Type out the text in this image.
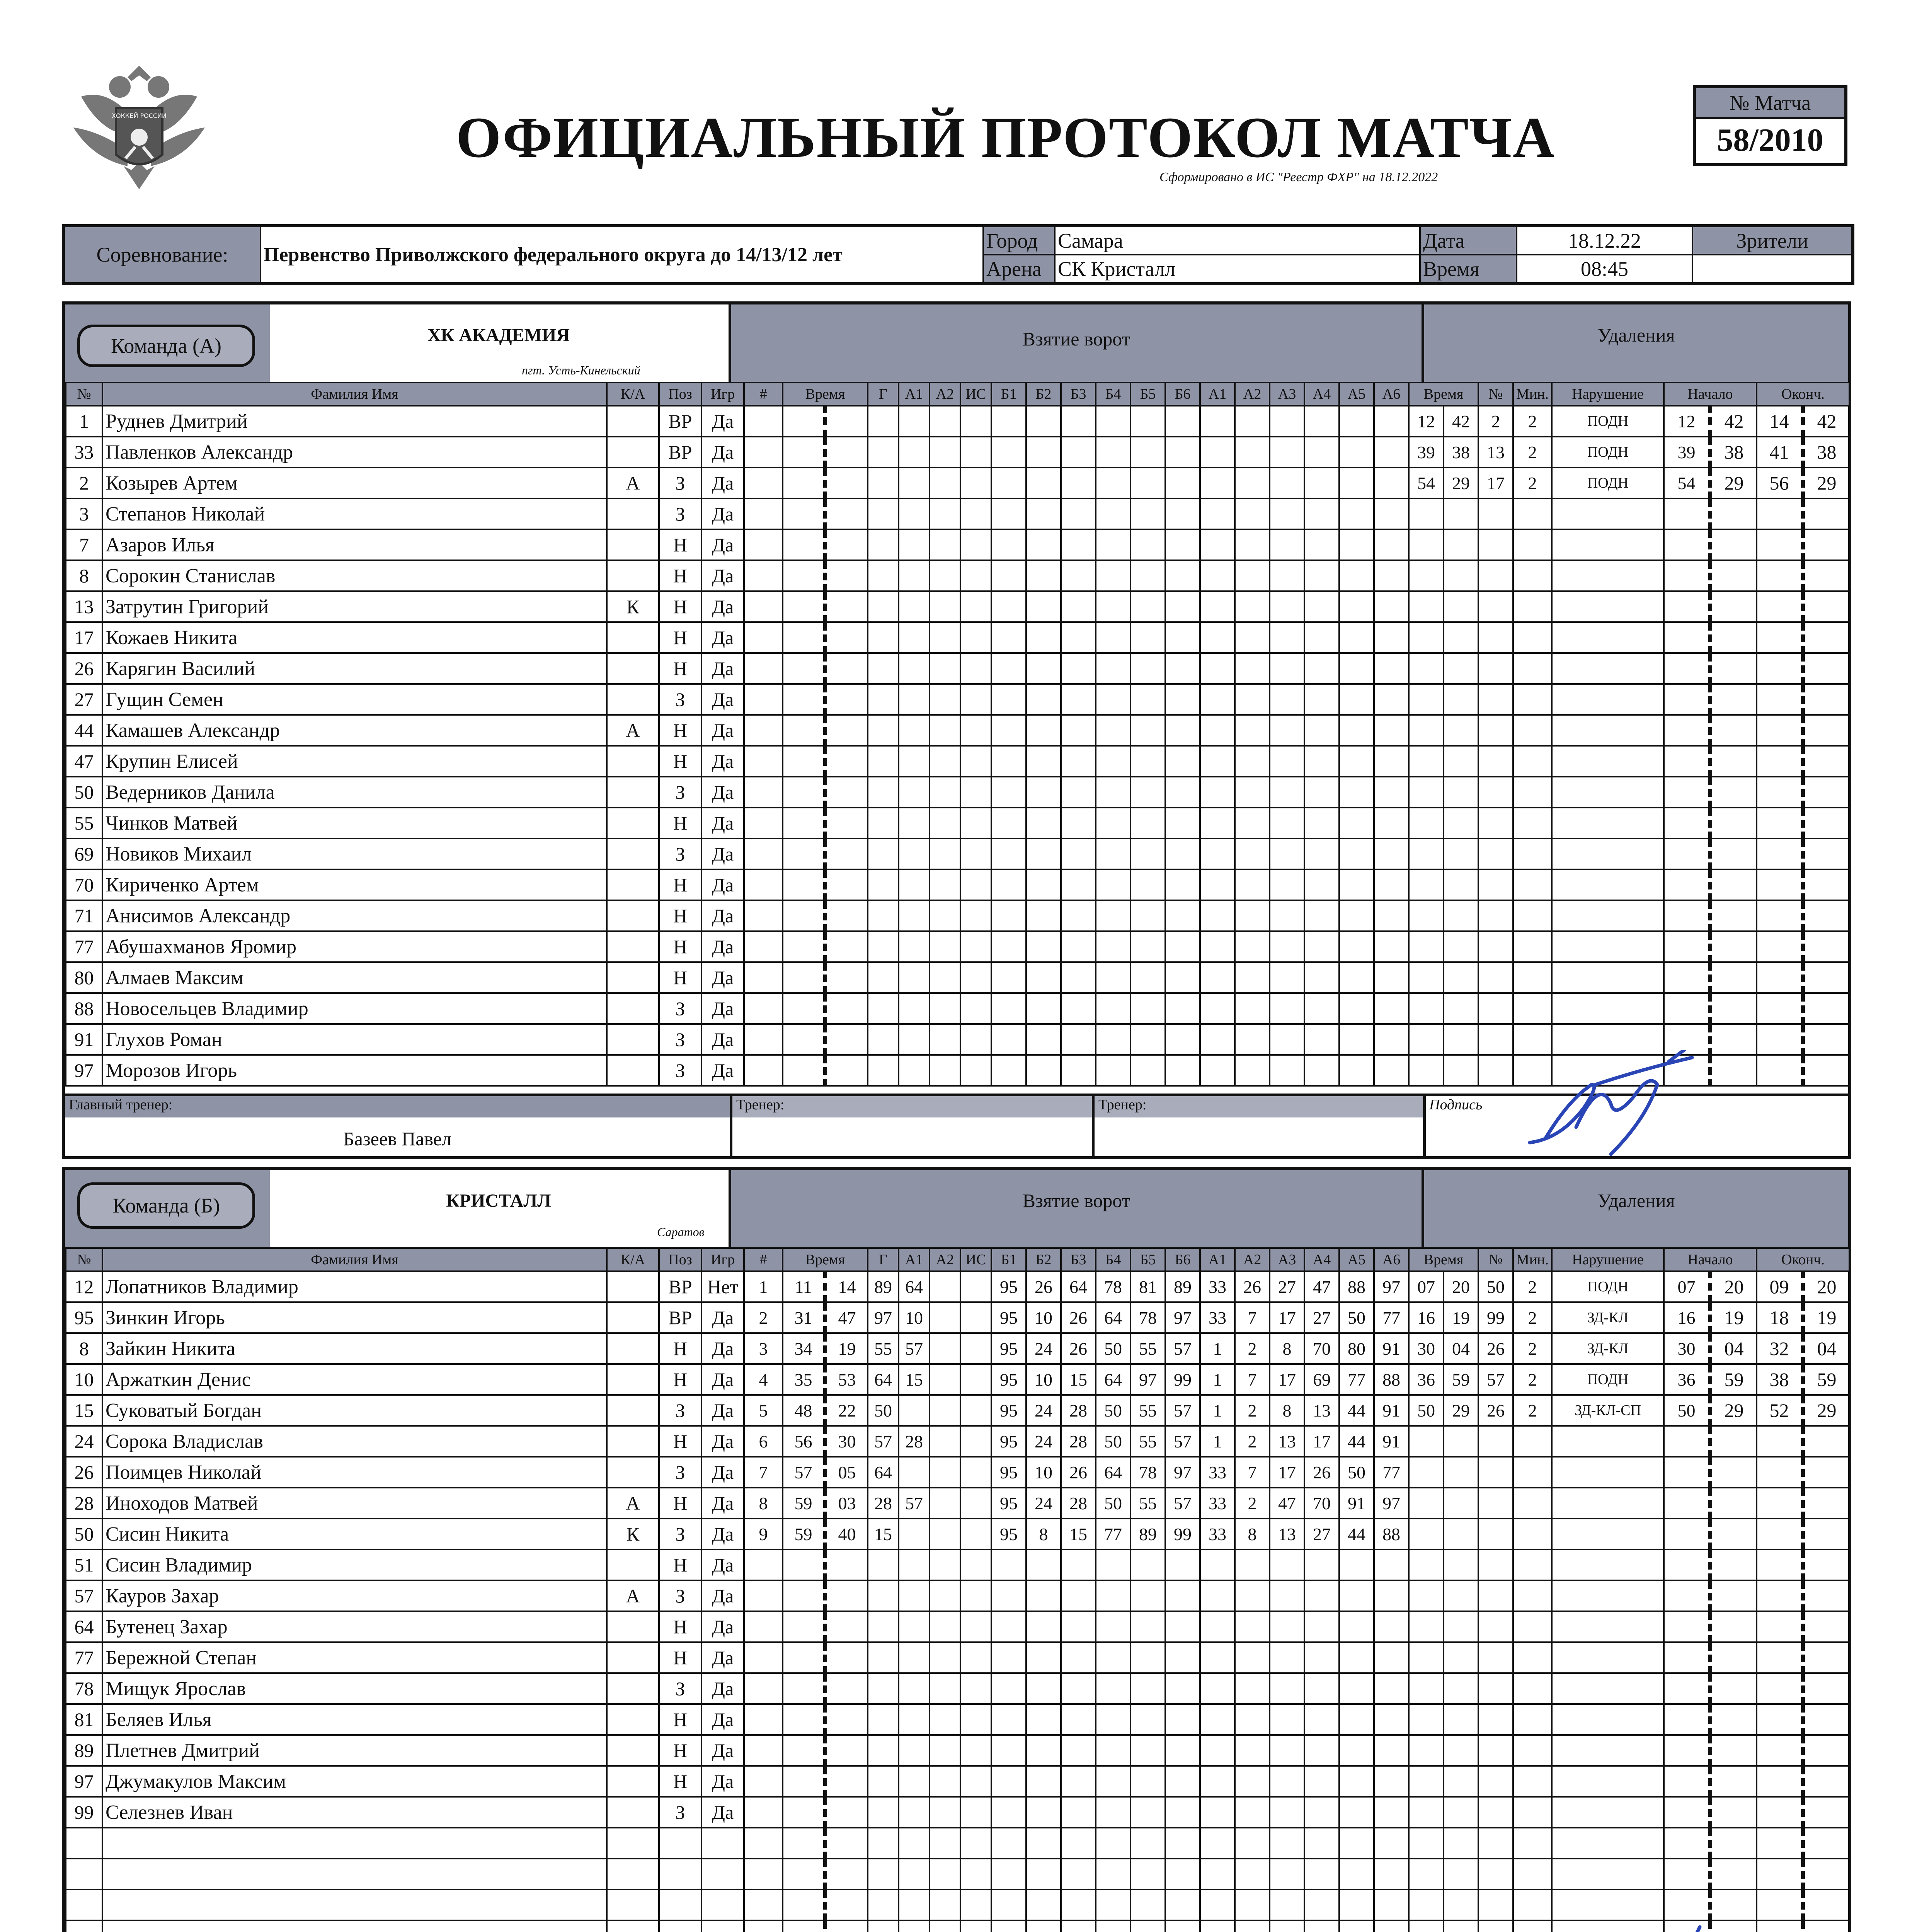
ХОККЕЙ РОССИИ	ОФИЦИАЛЬНЫЙ ПРОТОКОЛ МАТЧА
Сформировано в ИС "Реестр ФХР" на 18.12.2022
№ Матча
58/2010
Соревнование:	Первенство Приволжского федерального округа до 14/13/12 лет	Город	Самара	Дата	18.12.22	Зрители
		Арена	СК Кристалл	Время	08:45	
Команда (А)	ХК АКАДЕМИЯ
пгт. Усть-Кинельский
Взятие ворот	Удаления
№	Фамилия Имя	К/А	Поз	Игр	#	Время		Г	А1	А2	ИС	Б1	Б2	Б3	Б4	Б5	Б6	А1	А2	А3	А4	А5	А6	Время		№	Мин.	Нарушение	Начало		Оконч.	
1	Руднев Дмитрий		ВР	Да																				12	42	2	2	ПОДН	12	42	14	42
33	Павленков Александр		ВР	Да																				39	38	13	2	ПОДН	39	38	41	38
2	Козырев Артем	А	З	Да																				54	29	17	2	ПОДН	54	29	56	29
3	Степанов Николай		З	Да																												
7	Азаров Илья		Н	Да																												
8	Сорокин Станислав		Н	Да																												
13	Затрутин Григорий	К	Н	Да																												
17	Кожаев Никита		Н	Да																												
26	Карягин Василий		Н	Да																												
27	Гущин Семен		З	Да																												
44	Камашев Александр	А	Н	Да																												
47	Крупин Елисей		Н	Да																												
50	Ведерников Данила		З	Да																												
55	Чинков Матвей		Н	Да																												
69	Новиков Михаил		З	Да																												
70	Кириченко Артем		Н	Да																												
71	Анисимов Александр		Н	Да																												
77	Абушахманов Яромир		Н	Да																												
80	Алмаев Максим		Н	Да																												
88	Новосельцев Владимир		З	Да																												
91	Глухов Роман		З	Да																												
97	Морозов Игорь		З	Да																												
Главный тренер:
Базеев Павел
Тренер:	Тренер:	Подпись
Команда (Б)	КРИСТАЛЛ
Саратов
Взятие ворот	Удаления
№	Фамилия Имя	К/А	Поз	Игр	#	Время		Г	А1	А2	ИС	Б1	Б2	Б3	Б4	Б5	Б6	А1	А2	А3	А4	А5	А6	Время		№	Мин.	Нарушение	Начало		Оконч.	
12	Лопатников Владимир		ВР	Нет	1	11	14	89	64			95	26	64	78	81	89	33	26	27	47	88	97	07	20	50	2	ПОДН	07	20	09	20
95	Зинкин Игорь		ВР	Да	2	31	47	97	10			95	10	26	64	78	97	33	7	17	27	50	77	16	19	99	2	ЗД-КЛ	16	19	18	19
8	Зайкин Никита		Н	Да	3	34	19	55	57			95	24	26	50	55	57	1	2	8	70	80	91	30	04	26	2	ЗД-КЛ	30	04	32	04
10	Аржаткин Денис		Н	Да	4	35	53	64	15			95	10	15	64	97	99	1	7	17	69	77	88	36	59	57	2	ПОДН	36	59	38	59
15	Суковатый Богдан		З	Да	5	48	22	50				95	24	28	50	55	57	1	2	8	13	44	91	50	29	26	2	ЗД-КЛ-СП	50	29	52	29
24	Сорока Владислав		Н	Да	6	56	30	57	28			95	24	28	50	55	57	1	2	13	17	44	91									
26	Поимцев Николай		З	Да	7	57	05	64				95	10	26	64	78	97	33	7	17	26	50	77									
28	Иноходов Матвей	А	Н	Да	8	59	03	28	57			95	24	28	50	55	57	33	2	47	70	91	97									
50	Сисин Никита	К	З	Да	9	59	40	15				95	8	15	77	89	99	33	8	13	27	44	88									
51	Сисин Владимир		Н	Да																												
57	Кауров Захар	А	З	Да																												
64	Бутенец Захар		Н	Да																												
77	Бережной Степан		Н	Да																												
78	Мищук Ярослав		З	Да																												
81	Беляев Илья		Н	Да																												
89	Плетнев Дмитрий		Н	Да																												
97	Джумакулов Максим		Н	Да																												
99	Селезнев Иван		З	Да																												
